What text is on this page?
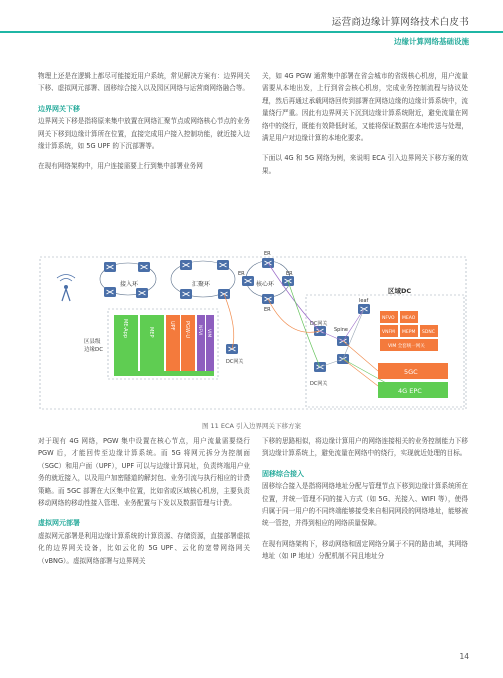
运营商边缘计算网络技术白皮书
边缘计算网络基础设施

物理上还是在逻辑上都尽可能接近用户系统，常见解决方案有：边界网关下移、虚拟网元部署、固移综合接入以及园区网络与运营商网络融合等。

边界网关下移

边界网关下移是指将原来集中放置在网络汇聚节点或网络核心节点的业务网关下移到边缘计算所在位置，直接完成用户接入控制功能，就近接入边缘计算系统，如 5G UPF 的下沉部署等。

在现有网络架构中，用户连接需要上行到集中部署业务网

关，如 4G PGW 通常集中部署在省会城市的省级核心机房，用户流量需要从本地出发，上行到省会核心机房，完成业务控制流程与协议处理，然后再通过承载网络回传到部署在网络边缘的边缘计算系统中，流量绕行严重。因此有边界网关下沉到边缘计算系统附近，避免流量在网络中的绕行，既能有效降低时延，又能将保证数据在本地传送与处理，满足用户对边缘计算的本地化要求。

下面以 4G 和 5G 网络为例，来说明 ECA 引入边界网关下移方案的效果。

接入环	汇聚环	核心环
ER
ER	ER
ER
区域DC
leaf
Spine
DC网关
DC网关
DC网关
区县级
边缘DC
NFVO MEAO
VNFM MEPM SDNC
VIM 全套统一网关
5GC
4G EPC
ME-App	MEP
UPF PGW-U NFVI VIM
图 11 ECA 引入边界网关下移方案

对于现有 4G 网络，PGW 集中设置在核心节点，用户流量需要绕行 PGW 后，才能回传至边缘计算系统。而 5G 将网元拆分为控制面（SGC）和用户面（UPF），UPF 可以与边缘计算同址，负责终端用户业务的就近接入，以及用户加密隧道的解封包、业务引流与执行相应的计费策略。而 5GC 部署在大区集中位置，比如省或区域核心机房，主要负责移动网络的移动性接入管理、业务配置与下发以及数据管理与计费。

虚拟网元部署

虚拟网元部署是利用边缘计算系统的计算资源、存储资源，直接部署虚拟化的边界网关设备，比如云化的 5G UPF、云化的宽带网络网关（vBNG）。虚拟网络部署与边界网关

下移的思路相似，将边缘计算用户的网络连接相关的业务控制能力下移到边缘计算系统上，避免流量在网络中的绕行，实现就近处理的目标。

固移综合接入

固移综合接入是指将网络地址分配与管理节点下移到边缘计算系统所在位置，并统一管理不同的接入方式（如 5G、光接入、WIFI 等），使得归属于同一用户的不同终端能够接受来自相同网段的网络地址，能够被统一管控，并得到相应的网络质量保障。

在现有网络架构下，移动网络和固定网络分属于不同的路由域，其网络地址（如 IP 地址）分配机制不同且地址分

14
